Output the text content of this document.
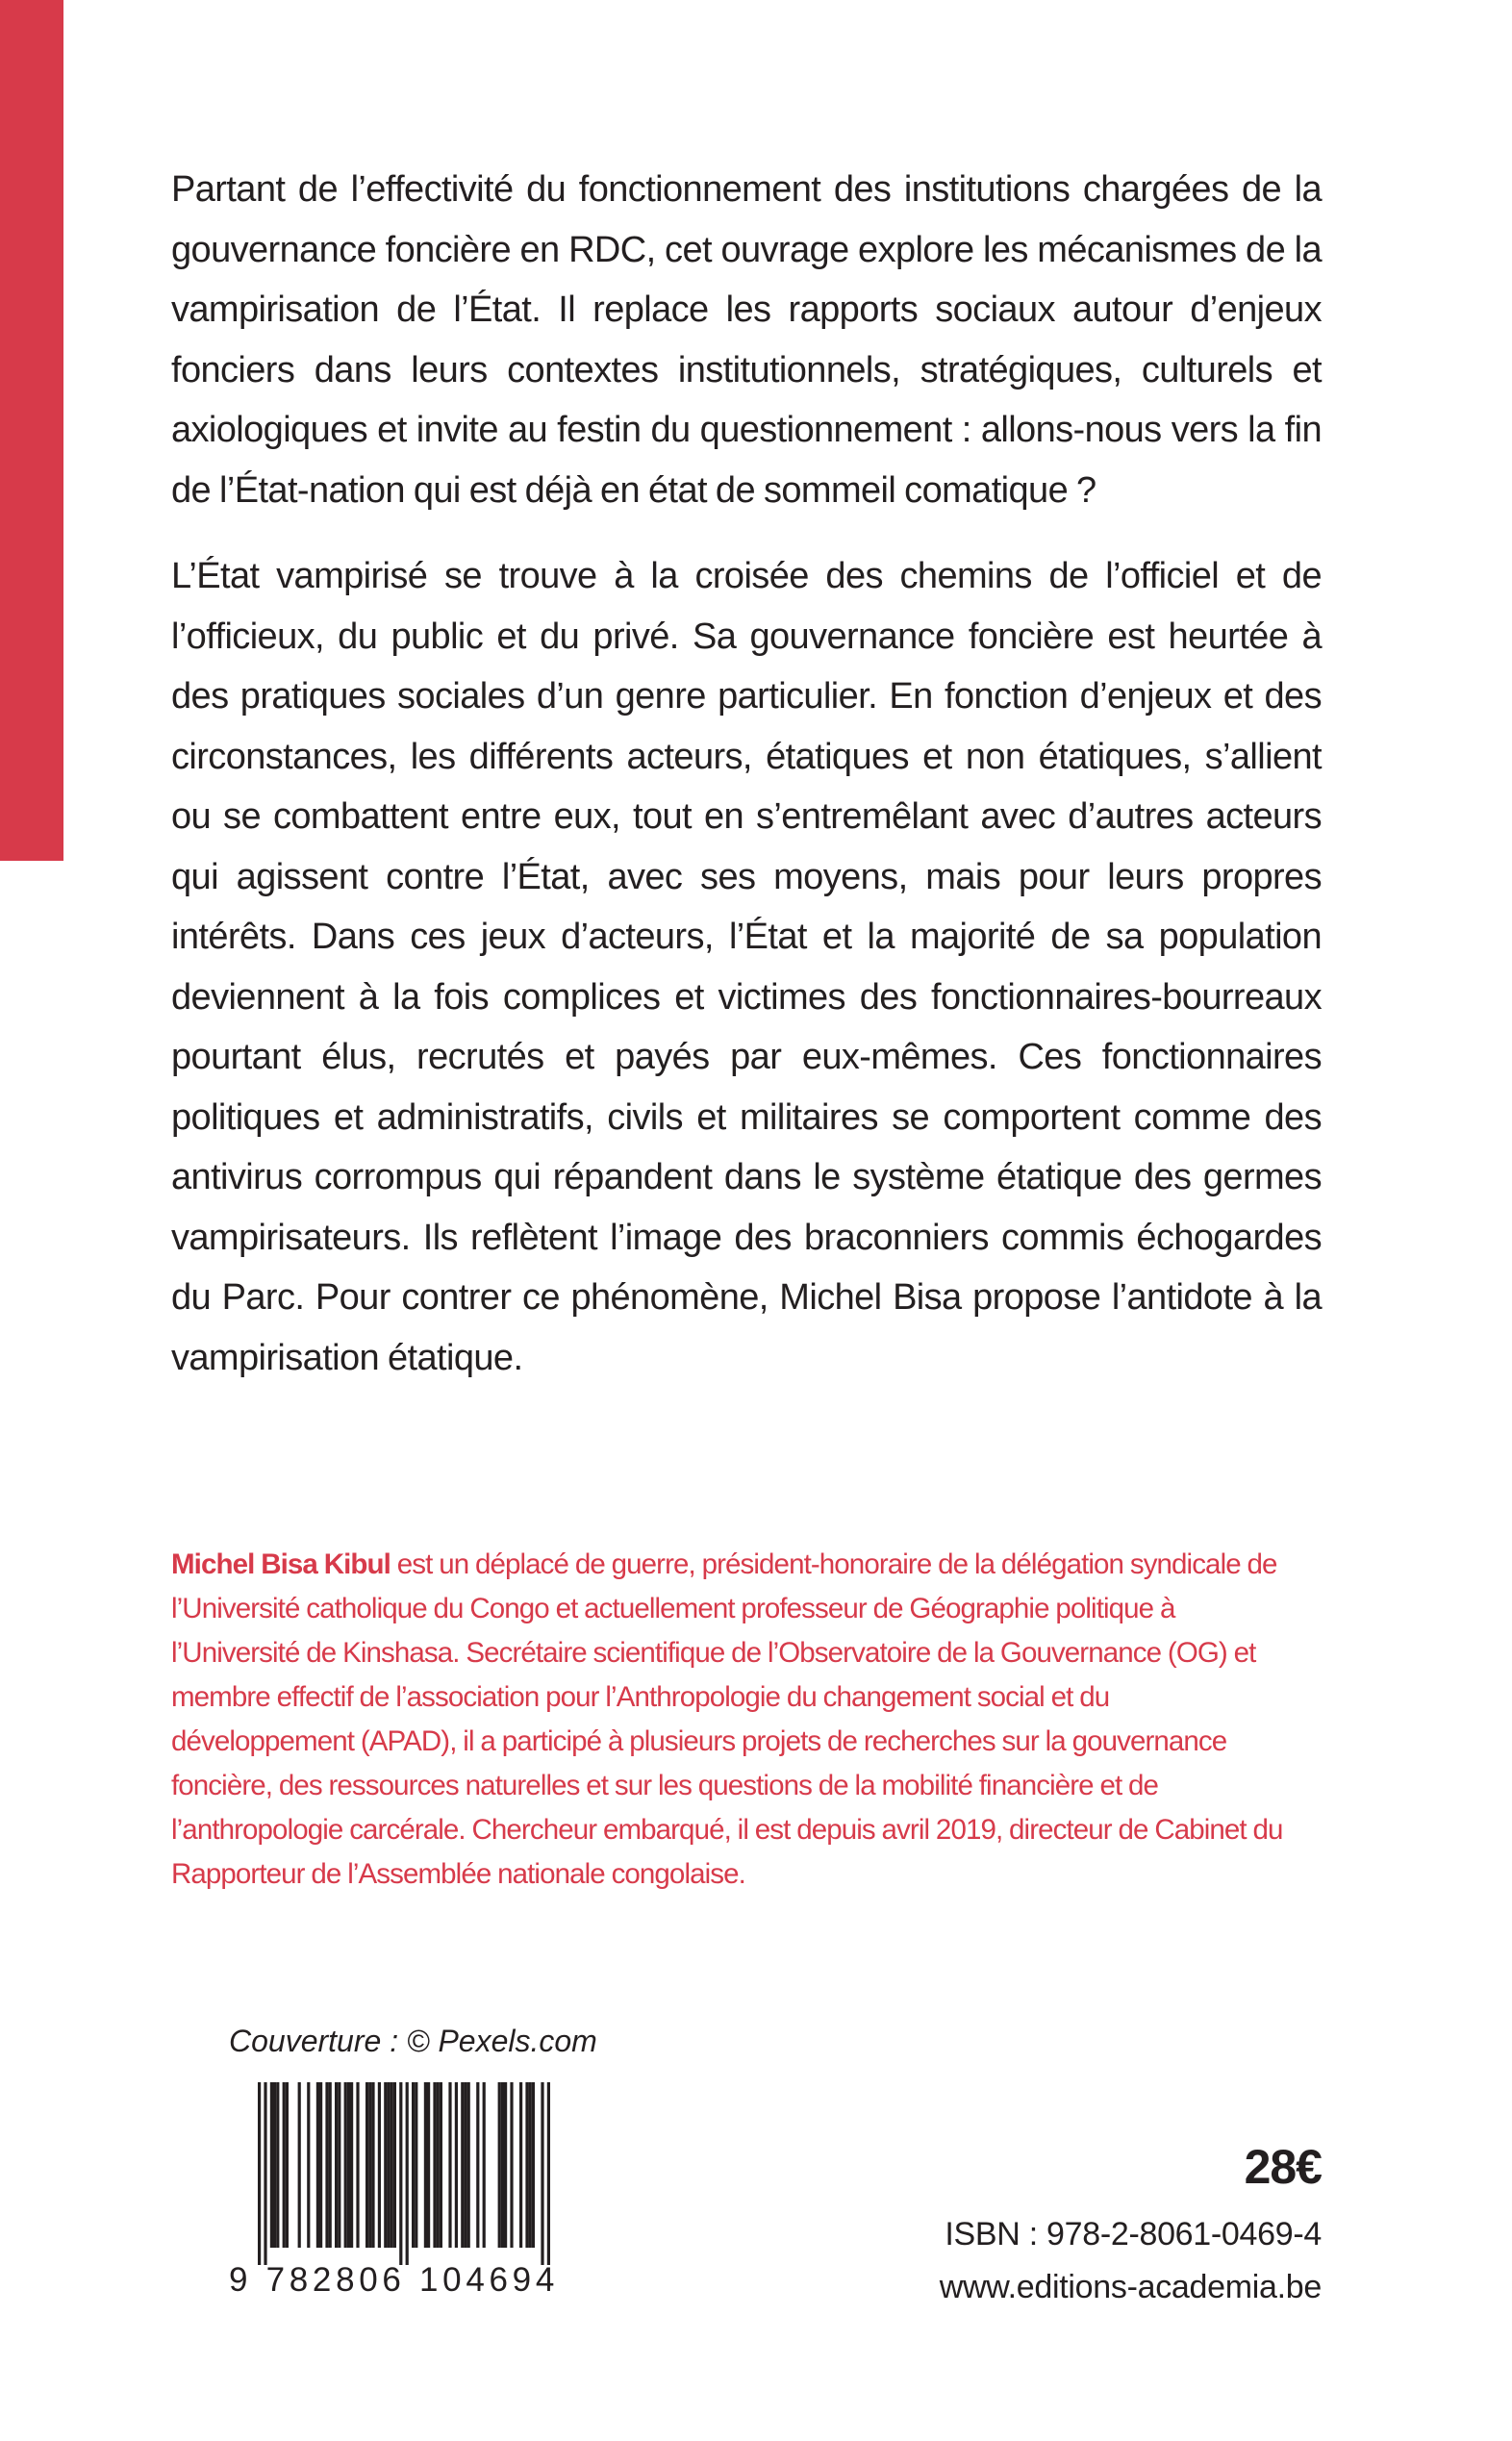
Partant de l’effectivité du fonctionnement des institutions chargées de la gouvernance foncière en RDC, cet ouvrage explore les mécanismes de la vampirisation de l’État. Il replace les rapports sociaux autour d’enjeux fonciers dans leurs contextes institutionnels, stratégiques, culturels et axiologiques et invite au festin du questionnement : allons-nous vers la fin de l’État-nation qui est déjà en état de sommeil comatique ?

L’État vampirisé se trouve à la croisée des chemins de l’officiel et de l’officieux, du public et du privé. Sa gouvernance foncière est heurtée à des pratiques sociales d’un genre particulier. En fonction d’enjeux et des circonstances, les différents acteurs, étatiques et non étatiques, s’allient ou se combattent entre eux, tout en s’entremêlant avec d’autres acteurs qui agissent contre l’État, avec ses moyens, mais pour leurs propres intérêts. Dans ces jeux d’acteurs, l’État et la majorité de sa population deviennent à la fois complices et victimes des fonctionnaires-bourreaux pourtant élus, recrutés et payés par eux-mêmes. Ces fonctionnaires politiques et administratifs, civils et militaires se comportent comme des antivirus corrompus qui répandent dans le système étatique des germes vampirisateurs. Ils reflètent l’image des braconniers commis échogardes du Parc. Pour contrer ce phénomène, Michel Bisa propose l’antidote à la vampirisation étatique.

Michel Bisa Kibul est un déplacé de guerre, président-honoraire de la délégation syndicale de l’Université catholique du Congo et actuellement professeur de Géographie politique à l’Université de Kinshasa. Secrétaire scientifique de l’Observatoire de la Gouvernance (OG) et membre effectif de l’association pour l’Anthropologie du changement social et du développement (APAD), il a participé à plusieurs projets de recherches sur la gouvernance foncière, des ressources naturelles et sur les questions de la mobilité financière et de l’anthropologie carcérale. Chercheur embarqué, il est depuis avril 2019, directeur de Cabinet du Rapporteur de l’Assemblée nationale congolaise.
Couverture : © Pexels.com
9 782806 104694
28€
ISBN : 978-2-8061-0469-4
www.editions-academia.be
